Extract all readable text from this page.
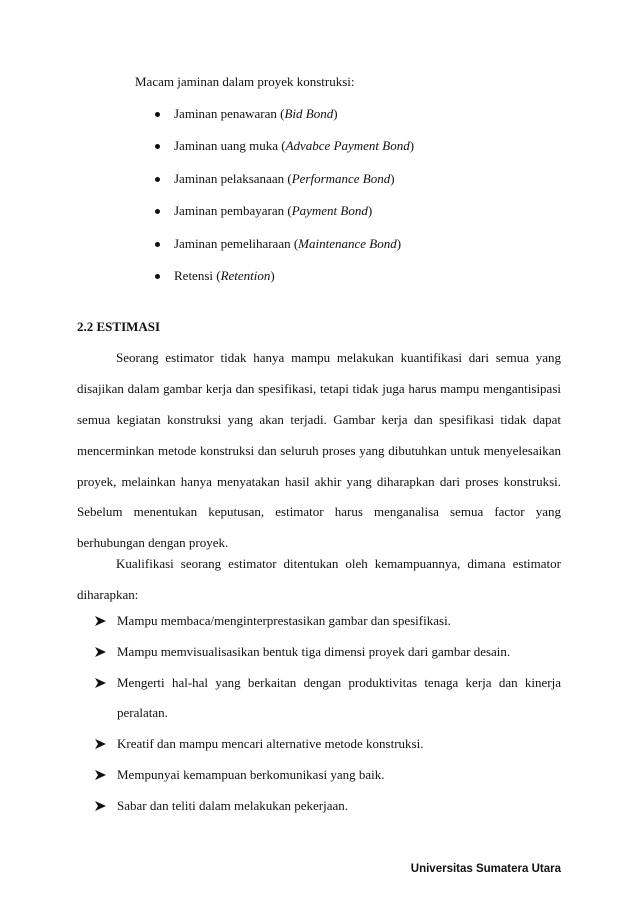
Macam jaminan dalam proyek konstruksi:
Jaminan penawaran (Bid Bond)
Jaminan uang muka (Advabce Payment Bond)
Jaminan pelaksanaan (Performance Bond)
Jaminan pembayaran (Payment Bond)
Jaminan pemeliharaan (Maintenance Bond)
Retensi (Retention)
2.2 ESTIMASI
Seorang estimator tidak hanya mampu melakukan kuantifikasi dari semua yang
disajikan dalam gambar kerja dan spesifikasi, tetapi tidak juga harus mampu mengantisipasi
semua kegiatan konstruksi yang akan terjadi. Gambar kerja dan spesifikasi tidak dapat
mencerminkan metode konstruksi dan seluruh proses yang dibutuhkan untuk menyelesaikan
proyek, melainkan hanya menyatakan hasil akhir yang diharapkan dari proses konstruksi.
Sebelum menentukan keputusan, estimator harus menganalisa semua factor yang
berhubungan dengan proyek.
Kualifikasi seorang estimator ditentukan oleh kemampuannya, dimana estimator
diharapkan:
Mampu membaca/menginterprestasikan gambar dan spesifikasi.
Mampu memvisualisasikan bentuk tiga dimensi proyek dari gambar desain.
Mengerti hal-hal yang berkaitan dengan produktivitas tenaga kerja dan kinerja
peralatan.
Kreatif dan mampu mencari alternative metode konstruksi.
Mempunyai kemampuan berkomunikasi yang baik.
Sabar dan teliti dalam melakukan pekerjaan.
Universitas Sumatera Utara
